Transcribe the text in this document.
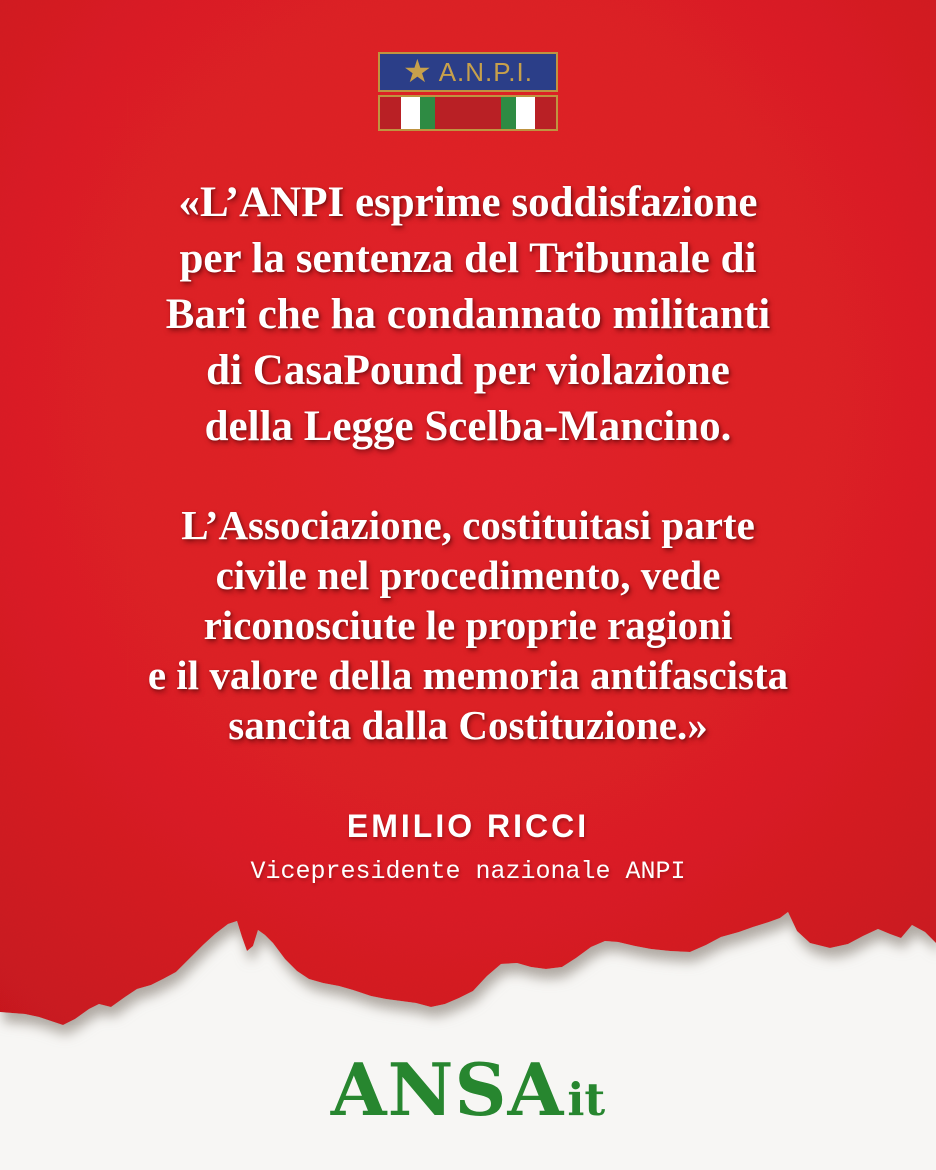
★ A.N.P.I.
«L’ANPI esprime soddisfazione
per la sentenza del Tribunale di
Bari che ha condannato militanti
di CasaPound per violazione
della Legge Scelba-Mancino.
L’Associazione, costituitasi parte
civile nel procedimento, vede
riconosciute le proprie ragioni
e il valore della memoria antifascista
sancita dalla Costituzione.»
EMILIO RICCI
Vicepresidente nazionale ANPI
ANSAit
